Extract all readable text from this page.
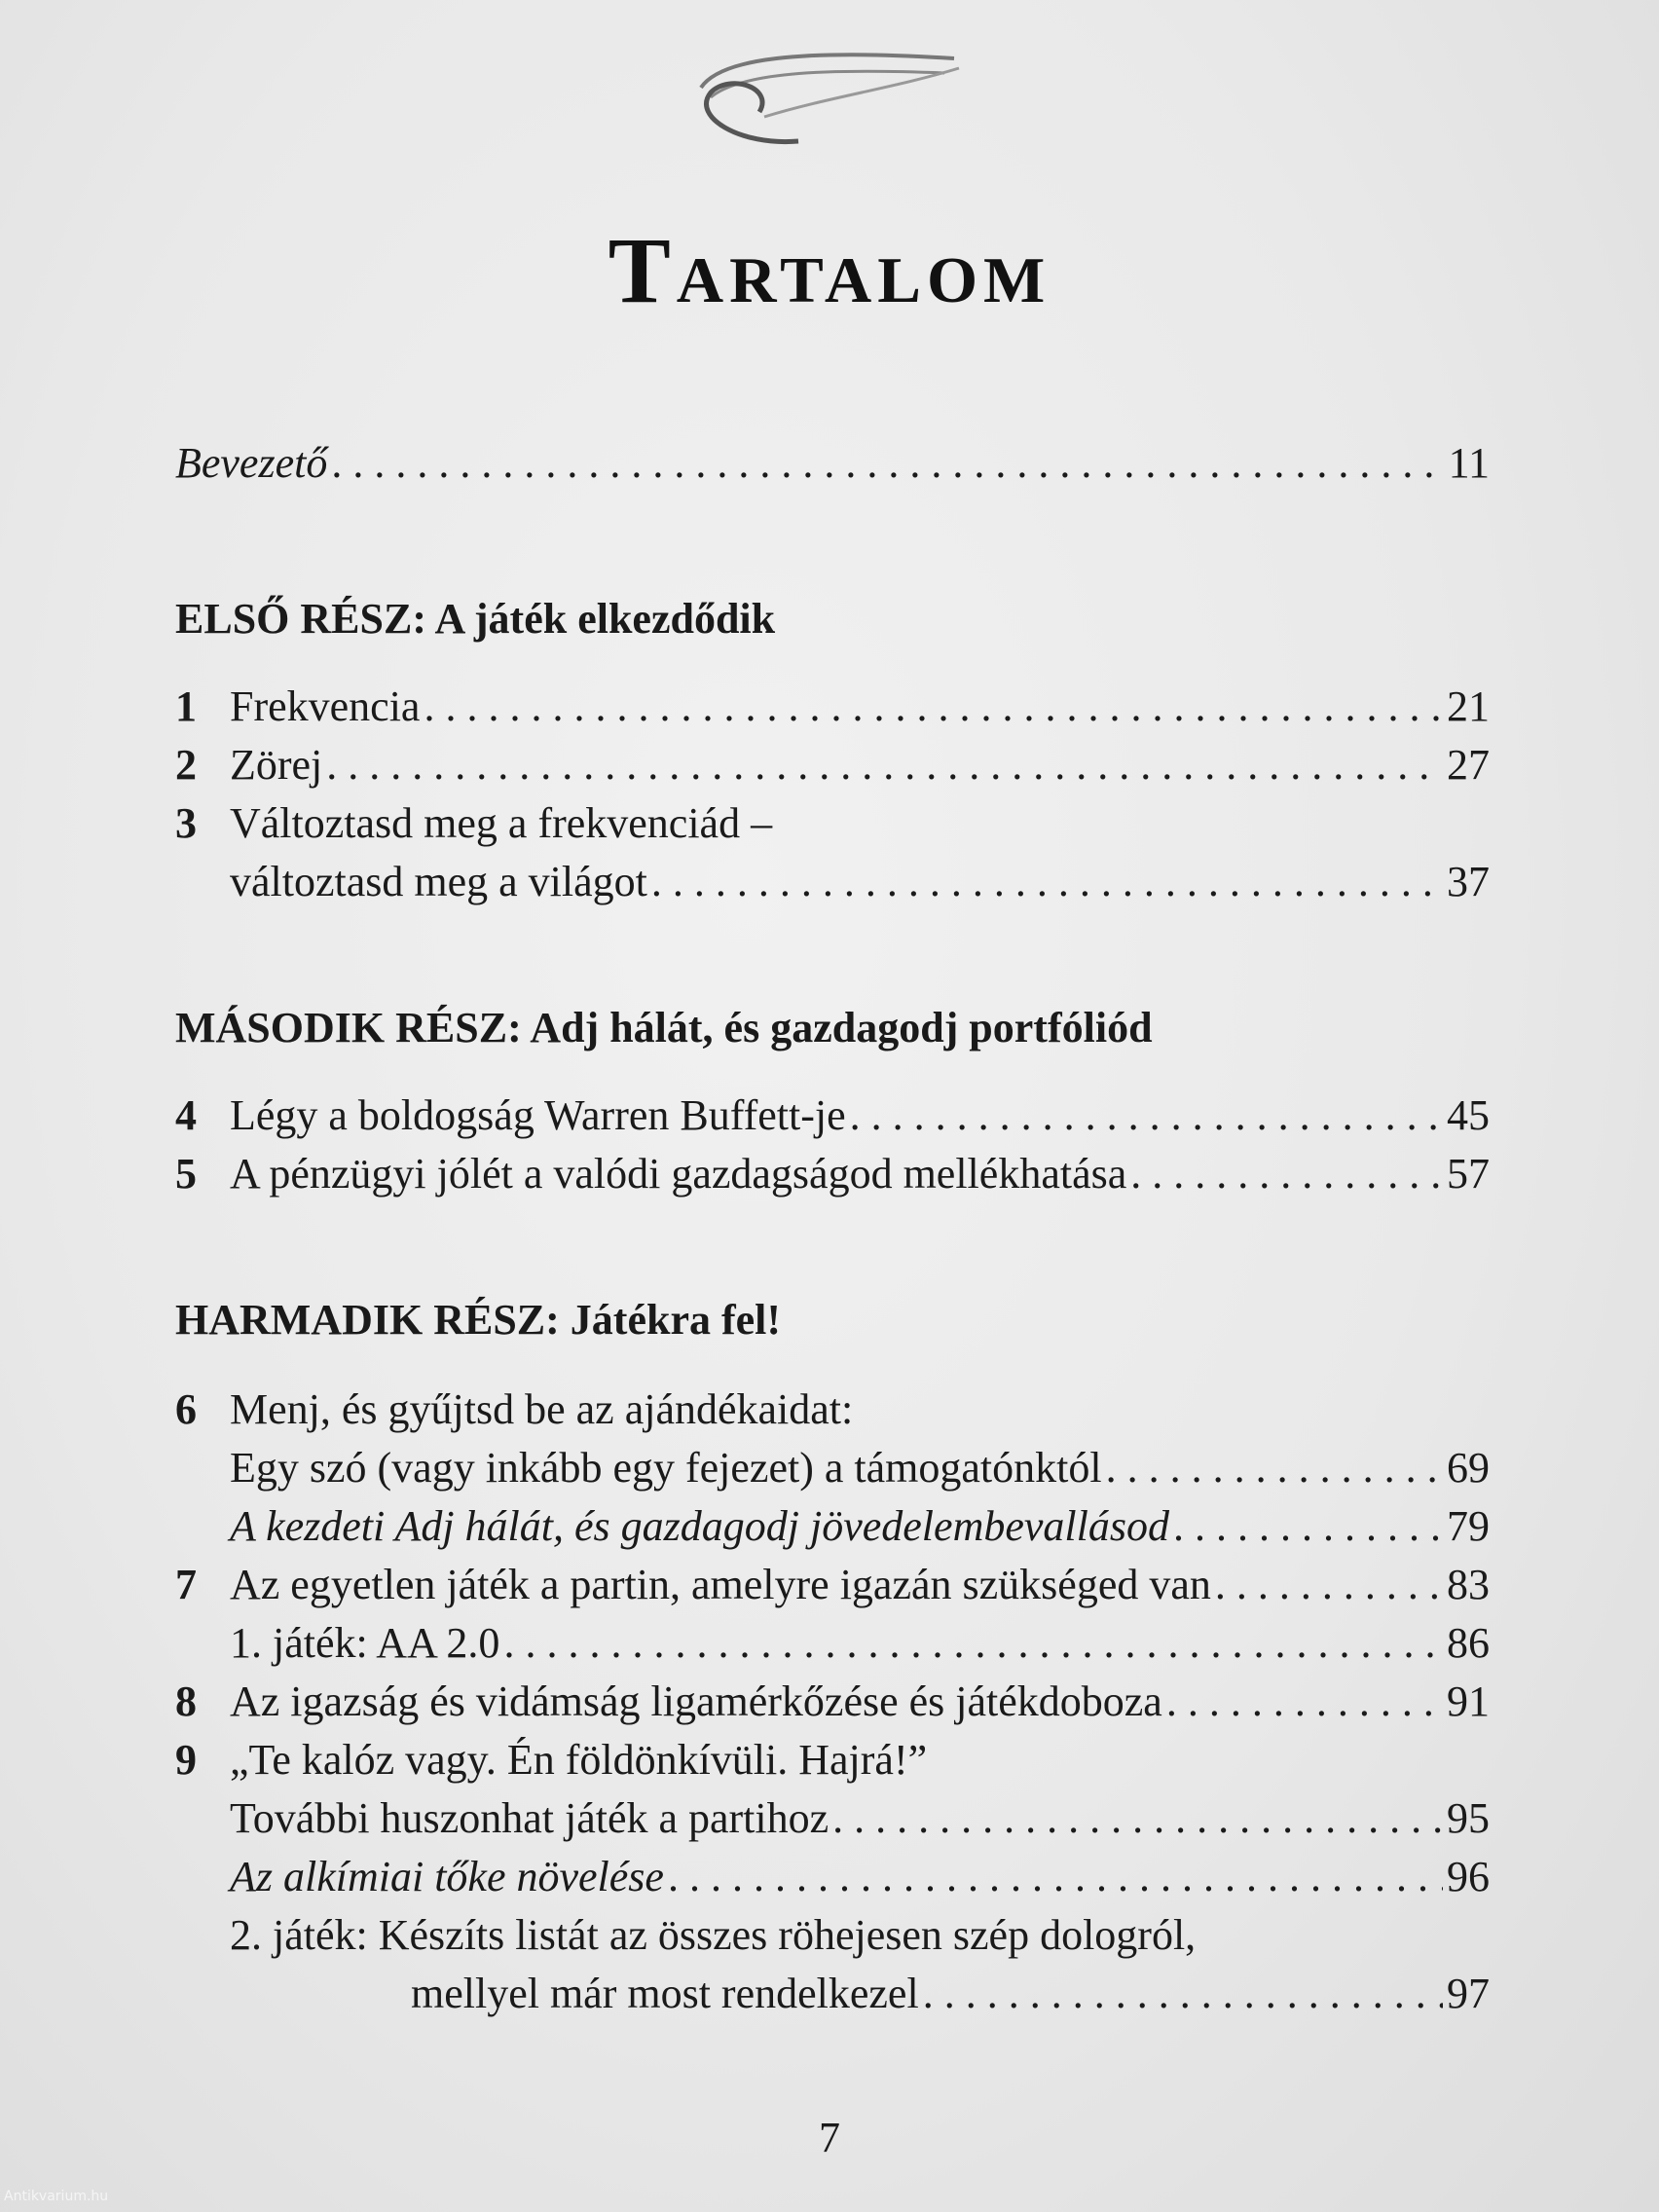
Tartalom
Bevezető . . .	11
ELSŐ RÉSZ: A játék elkezdődik
1 Frekvencia . . .	21
2 Zörej . . .	27
3 Változtasd meg a frekvenciád –
változtasd meg a világot . . .	37
MÁSODIK RÉSZ: Adj hálát, és gazdagodj portfóliód
4 Légy a boldogság Warren Buffett-je . . .	45
5 A pénzügyi jólét a valódi gazdagságod mellékhatása . . .	57
HARMADIK RÉSZ: Játékra fel!
6 Menj, és gyűjtsd be az ajándékaidat:
Egy szó (vagy inkább egy fejezet) a támogatónktól . . .	69
A kezdeti Adj hálát, és gazdagodj jövedelembevallásod . . .	79
7 Az egyetlen játék a partin, amelyre igazán szükséged van . . .	83
1. játék: AA 2.0 . . .	86
8 Az igazság és vidámság ligamérkőzése és játékdoboza . . .	91
9 „Te kalóz vagy. Én földönkívüli. Hajrá!”
További huszonhat játék a partihoz . . .	95
Az alkímiai tőke növelése . . .	96
2. játék: Készíts listát az összes röhejesen szép dologról,
mellyel már most rendelkezel . . .	97
7
Antikvarium.hu
